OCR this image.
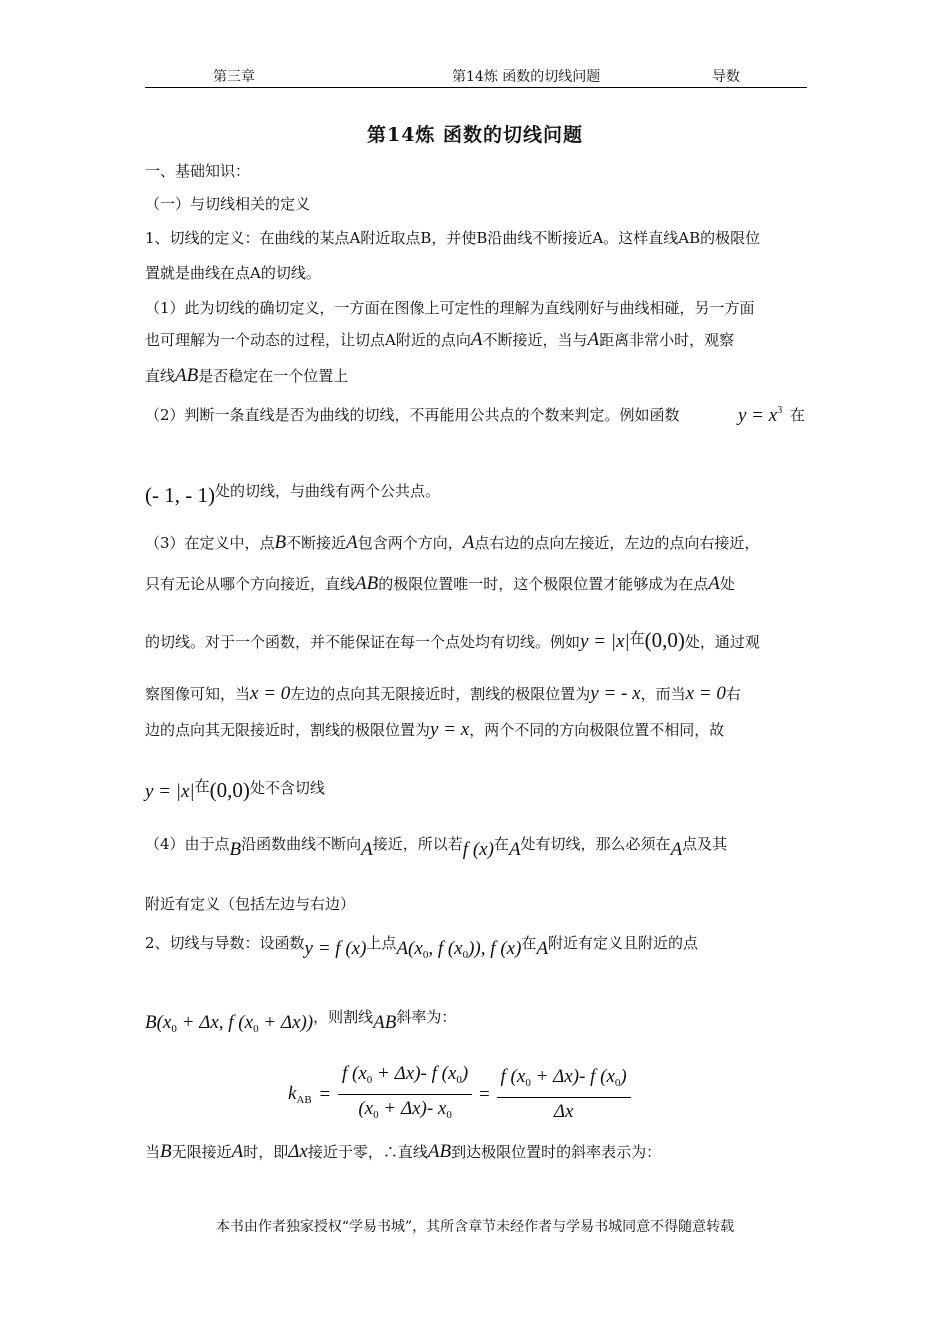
第三章	第14炼 函数的切线问题	导数
第14炼 函数的切线问题
一、基础知识：
（一）与切线相关的定义
1、切线的定义：在曲线的某点A附近取点B，并使B沿曲线不断接近A。这样直线AB的极限位
置就是曲线在点A的切线。
（1）此为切线的确切定义，一方面在图像上可定性的理解为直线刚好与曲线相碰，另一方面
也可理解为一个动态的过程，让切点A附近的点向A不断接近，当与A距离非常小时，观察
直线AB是否稳定在一个位置上
（2）判断一条直线是否为曲线的切线，不再能用公共点的个数来判定。例如函数	$y = x^3$ 在
(- 1, - 1)处的切线，与曲线有两个公共点。
（3）在定义中，点B不断接近A包含两个方向，A点右边的点向左接近，左边的点向右接近，
只有无论从哪个方向接近，直线AB的极限位置唯一时，这个极限位置才能够成为在点A处
的切线。对于一个函数，并不能保证在每一个点处均有切线。例如y = |x|在(0,0)处，通过观
察图像可知，当x = 0左边的点向其无限接近时，割线的极限位置为y = - x，而当x = 0右
边的点向其无限接近时，割线的极限位置为y = x，两个不同的方向极限位置不相同，故
y = |x|在(0,0)处不含切线
（4）由于点B沿函数曲线不断向A接近，所以若f (x)在A处有切线，那么必须在A点及其
附近有定义（包括左边与右边）
2、切线与导数：设函数y = f (x)上点$A(x_0$, f $(x_0)$), f (x)在A附近有定义且附近的点
$B(x_0 + \Delta x$, f $(x_0 + \Delta x)$)，则割线AB斜率为：
$k_{AB} = \frac{f (x_0 + \Delta x)- f (x_0)}{(x_0 + \Delta x)- x_0} = \frac{f (x_0 + \Delta x)- f (x_0)}{\Delta x}$
当B无限接近A时，即Δx接近于零，∴直线AB到达极限位置时的斜率表示为：
本书由作者独家授权“学易书城”，其所含章节未经作者与学易书城同意不得随意转载
